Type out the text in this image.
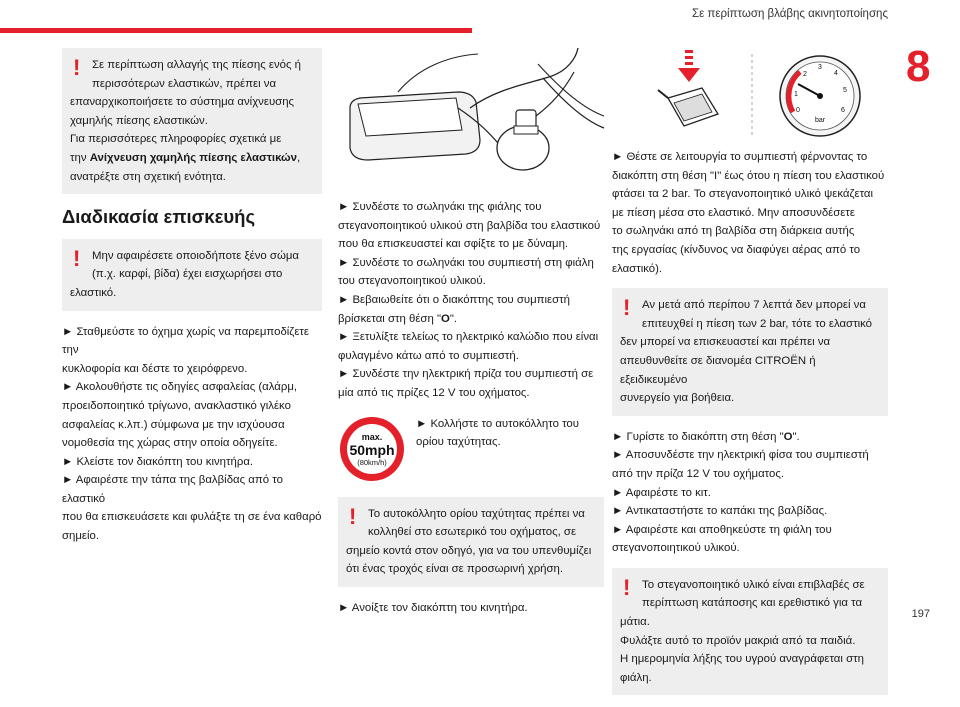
Σε περίπτωση βλάβης ακινητοποίησης
8
197
!	Σε περίπτωση αλλαγής της πίεσης ενός ή

περισσότερων ελαστικών, πρέπει να

επαναρχικοποιήσετε το σύστημα ανίχνευσης

χαμηλής πίεσης ελαστικών.

Για περισσότερες πληροφορίες σχετικά με

την Ανίχνευση χαμηλής πίεσης ελαστικών,

ανατρέξτε στη σχετική ενότητα.

Διαδικασία επισκευής
!	Μην αφαιρέσετε οποιοδήποτε ξένο σώμα

(π.χ. καρφί, βίδα) έχει εισχωρήσει στο

ελαστικό.

► Σταθμεύστε το όχημα χωρίς να παρεμποδίζετε την

κυκλοφορία και δέστε το χειρόφρενο.

► Ακολουθήστε τις οδηγίες ασφαλείας (αλάρμ,

προειδοποιητικό τρίγωνο, ανακλαστικό γιλέκο

ασφαλείας κ.λπ.) σύμφωνα με την ισχύουσα

νομοθεσία της χώρας στην οποία οδηγείτε.

► Κλείστε τον διακόπτη του κινητήρα.

► Αφαιρέστε την τάπα της βαλβίδας από το ελαστικό

που θα επισκευάσετε και φυλάξτε τη σε ένα καθαρό

σημείο.

► Συνδέστε το σωληνάκι της φιάλης του

στεγανοποιητικού υλικού στη βαλβίδα του ελαστικού

που θα επισκευαστεί και σφίξτε το με δύναμη.

► Συνδέστε το σωληνάκι του συμπιεστή στη φιάλη

του στεγανοποιητικού υλικού.

► Βεβαιωθείτε ότι ο διακόπτης του συμπιεστή

βρίσκεται στη θέση "O".

► Ξετυλίξτε τελείως το ηλεκτρικό καλώδιο που είναι

φυλαγμένο κάτω από το συμπιεστή.

► Συνδέστε την ηλεκτρική πρίζα του συμπιεστή σε

μία από τις πρίζες 12 V του οχήματος.

max.
50mph
(80km/h)

► Κολλήστε το αυτοκόλλητο του

ορίου ταχύτητας.

!	Το αυτοκόλλητο ορίου ταχύτητας πρέπει να

κολληθεί στο εσωτερικό του οχήματος, σε

σημείο κοντά στον οδηγό, για να του υπενθυμίζει

ότι ένας τροχός είναι σε προσωρινή χρήση.

► Ανοίξτε τον διακόπτη του κινητήρα.

1
2
3
4
5
6
0
bar

► Θέστε σε λειτουργία το συμπιεστή φέρνοντας το

διακόπτη στη θέση "I" έως ότου η πίεση του ελαστικού

φτάσει τα 2 bar. Το στεγανοποιητικό υλικό ψεκάζεται

με πίεση μέσα στο ελαστικό. Μην αποσυνδέσετε

το σωληνάκι από τη βαλβίδα στη διάρκεια αυτής

της εργασίας (κίνδυνος να διαφύγει αέρας από το

ελαστικό).

!	Αν μετά από περίπου 7 λεπτά δεν μπορεί να

επιτευχθεί η πίεση των 2 bar, τότε το ελαστικό

δεν μπορεί να επισκευαστεί και πρέπει να

απευθυνθείτε σε διανομέα CITROËN ή εξειδικευμένο

συνεργείο για βοήθεια.

► Γυρίστε το διακόπτη στη θέση "O".

► Αποσυνδέστε την ηλεκτρική φίσα του συμπιεστή

από την πρίζα 12 V του οχήματος.

► Αφαιρέστε το κιτ.

► Αντικαταστήστε το καπάκι της βαλβίδας.

► Αφαιρέστε και αποθηκεύστε τη φιάλη του

στεγανοποιητικού υλικού.

!	Το στεγανοποιητικό υλικό είναι επιβλαβές σε

περίπτωση κατάποσης και ερεθιστικό για τα

μάτια.

Φυλάξτε αυτό το προϊόν μακριά από τα παιδιά.

Η ημερομηνία λήξης του υγρού αναγράφεται στη

φιάλη.
